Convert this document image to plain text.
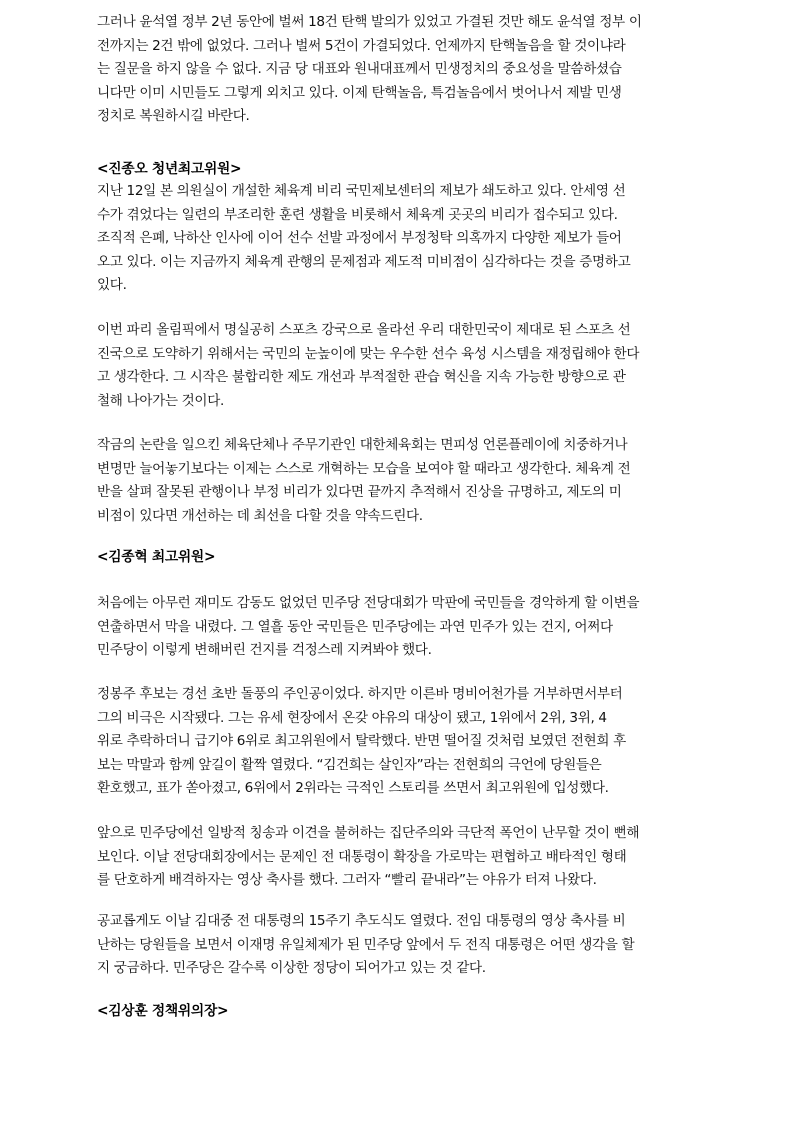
그러나 윤석열 정부 2년 동안에 벌써 18건 탄핵 발의가 있었고 가결된 것만 해도 윤석열 정부 이
전까지는 2건 밖에 없었다. 그러나 벌써 5건이 가결되었다. 언제까지 탄핵놀음을 할 것이냐라
는 질문을 하지 않을 수 없다. 지금 당 대표와 원내대표께서 민생정치의 중요성을 말씀하셨습
니다만 이미 시민들도 그렇게 외치고 있다. 이제 탄핵놀음, 특검놀음에서 벗어나서 제발 민생
정치로 복원하시길 바란다.
<진종오 청년최고위원>
지난 12일 본 의원실이 개설한 체육계 비리 국민제보센터의 제보가 쇄도하고 있다. 안세영 선
수가 겪었다는 일련의 부조리한 훈련 생활을 비롯해서 체육계 곳곳의 비리가 접수되고 있다.
조직적 은폐, 낙하산 인사에 이어 선수 선발 과정에서 부정청탁 의혹까지 다양한 제보가 들어
오고 있다. 이는 지금까지 체육계 관행의 문제점과 제도적 미비점이 심각하다는 것을 증명하고
있다.
이번 파리 올림픽에서 명실공히 스포츠 강국으로 올라선 우리 대한민국이 제대로 된 스포츠 선
진국으로 도약하기 위해서는 국민의 눈높이에 맞는 우수한 선수 육성 시스템을 재정립해야 한다
고 생각한다. 그 시작은 불합리한 제도 개선과 부적절한 관습 혁신을 지속 가능한 방향으로 관
철해 나아가는 것이다.
작금의 논란을 일으킨 체육단체나 주무기관인 대한체육회는 면피성 언론플레이에 치중하거나
변명만 늘어놓기보다는 이제는 스스로 개혁하는 모습을 보여야 할 때라고 생각한다. 체육계 전
반을 살펴 잘못된 관행이나 부정 비리가 있다면 끝까지 추적해서 진상을 규명하고, 제도의 미
비점이 있다면 개선하는 데 최선을 다할 것을 약속드린다.
<김종혁 최고위원>
처음에는 아무런 재미도 감동도 없었던 민주당 전당대회가 막판에 국민들을 경악하게 할 이변을
연출하면서 막을 내렸다. 그 열흘 동안 국민들은 민주당에는 과연 민주가 있는 건지, 어쩌다
민주당이 이렇게 변해버린 건지를 걱정스레 지켜봐야 했다.
정봉주 후보는 경선 초반 돌풍의 주인공이었다. 하지만 이른바 명비어천가를 거부하면서부터
그의 비극은 시작됐다. 그는 유세 현장에서 온갖 야유의 대상이 됐고, 1위에서 2위, 3위, 4
위로 추락하더니 급기야 6위로 최고위원에서 탈락했다. 반면 떨어질 것처럼 보였던 전현희 후
보는 막말과 함께 앞길이 활짝 열렸다. “김건희는 살인자”라는 전현희의 극언에 당원들은
환호했고, 표가 쏟아졌고, 6위에서 2위라는 극적인 스토리를 쓰면서 최고위원에 입성했다.
앞으로 민주당에선 일방적 칭송과 이견을 불허하는 집단주의와 극단적 폭언이 난무할 것이 뻔해
보인다. 이날 전당대회장에서는 문제인 전 대통령이 확장을 가로막는 편협하고 배타적인 형태
를 단호하게 배격하자는 영상 축사를 했다. 그러자 “빨리 끝내라”는 야유가 터져 나왔다.
공교롭게도 이날 김대중 전 대통령의 15주기 추도식도 열렸다. 전임 대통령의 영상 축사를 비
난하는 당원들을 보면서 이재명 유일체제가 된 민주당 앞에서 두 전직 대통령은 어떤 생각을 할
지 궁금하다. 민주당은 갈수록 이상한 정당이 되어가고 있는 것 같다.
<김상훈 정책위의장>
